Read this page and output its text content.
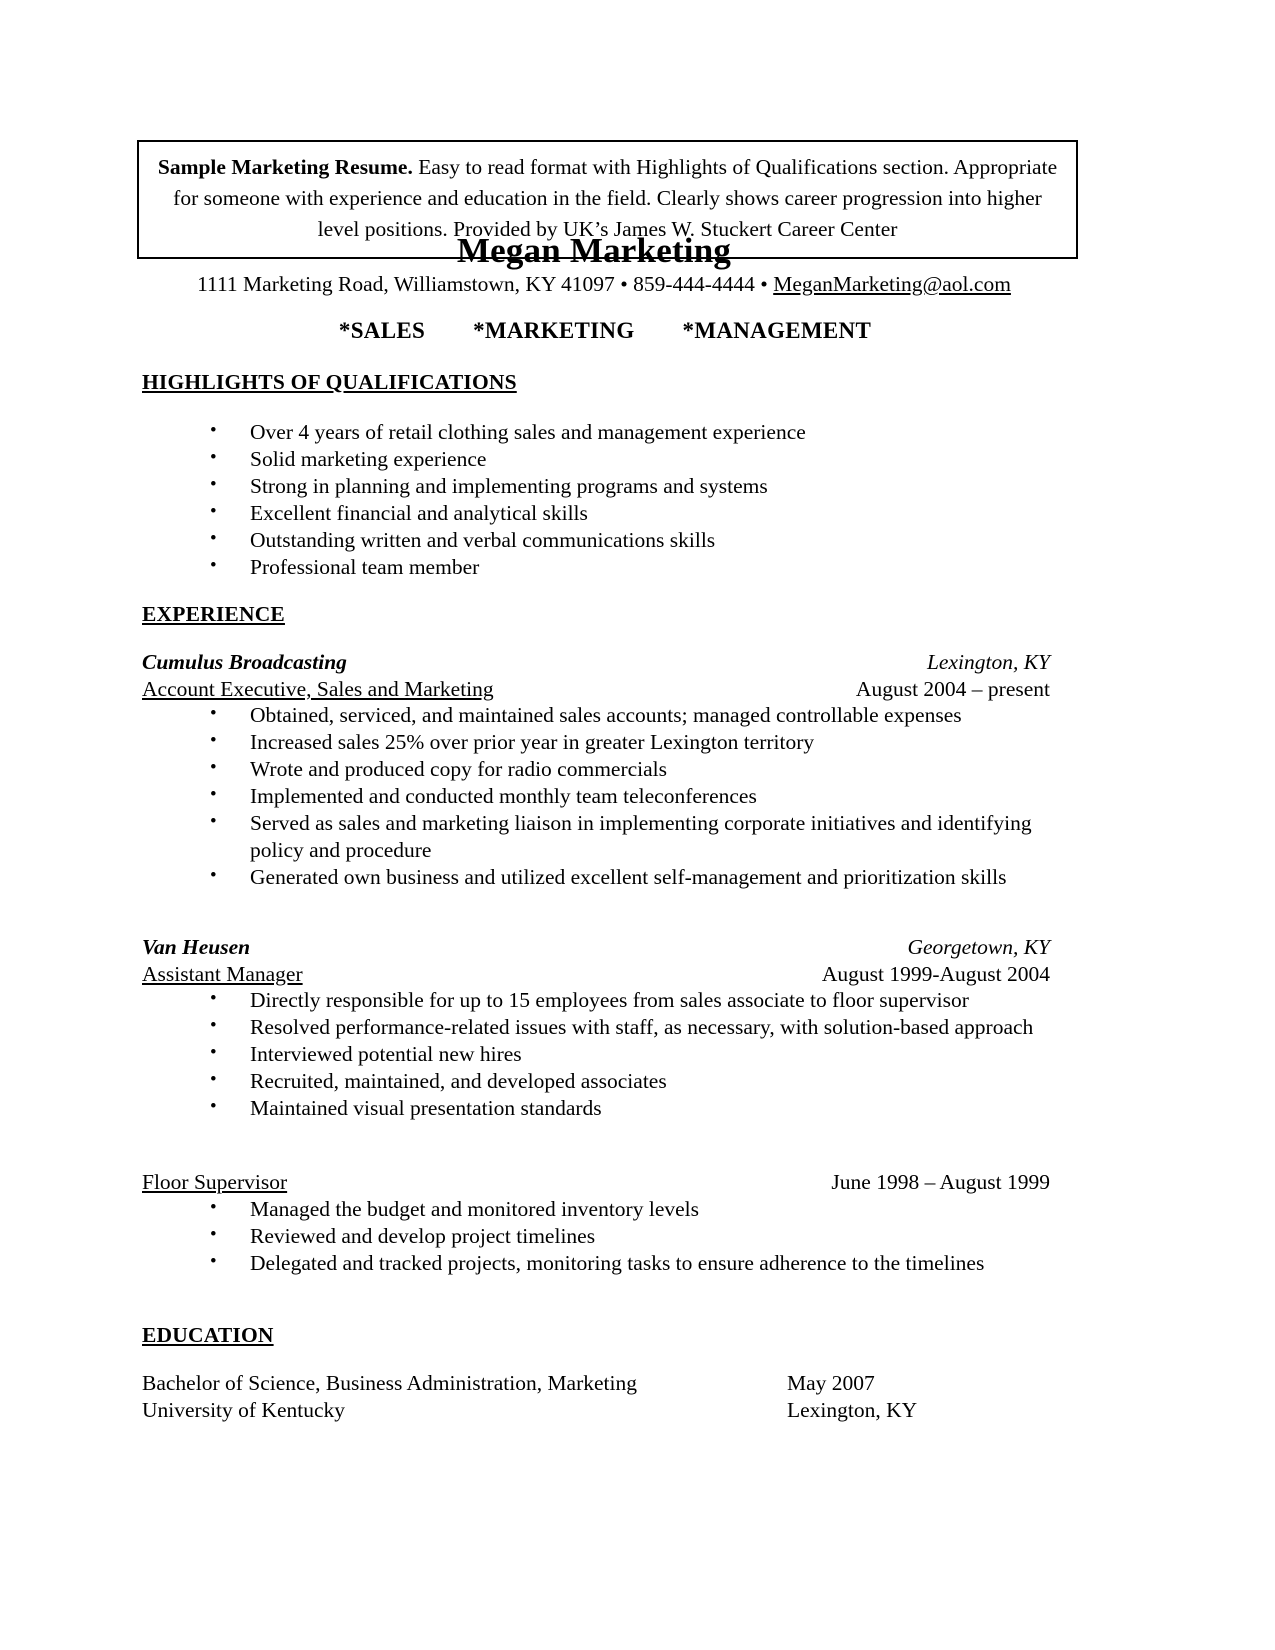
Sample Marketing Resume. Easy to read format with Highlights of Qualifications section. Appropriate for someone with experience and education in the field. Clearly shows career progression into higher level positions. Provided by UK’s James W. Stuckert Career Center
Megan Marketing
1111 Marketing Road, Williamstown, KY 41097 • 859-444-4444 • MeganMarketing@aol.com
*SALES *MARKETING *MANAGEMENT
HIGHLIGHTS OF QUALIFICATIONS
• Over 4 years of retail clothing sales and management experience
• Solid marketing experience
• Strong in planning and implementing programs and systems
• Excellent financial and analytical skills
• Outstanding written and verbal communications skills
• Professional team member
EXPERIENCE
Cumulus Broadcasting	Lexington, KY
Account Executive, Sales and Marketing	August 2004 – present
• Obtained, serviced, and maintained sales accounts; managed controllable expenses
• Increased sales 25% over prior year in greater Lexington territory
• Wrote and produced copy for radio commercials
• Implemented and conducted monthly team teleconferences
• Served as sales and marketing liaison in implementing corporate initiatives and identifying policy and procedure
• Generated own business and utilized excellent self-management and prioritization skills
Van Heusen	Georgetown, KY
Assistant Manager	August 1999-August 2004
• Directly responsible for up to 15 employees from sales associate to floor supervisor
• Resolved performance-related issues with staff, as necessary, with solution-based approach
• Interviewed potential new hires
• Recruited, maintained, and developed associates
• Maintained visual presentation standards
Floor Supervisor	June 1998 – August 1999
• Managed the budget and monitored inventory levels
• Reviewed and develop project timelines
• Delegated and tracked projects, monitoring tasks to ensure adherence to the timelines
EDUCATION
Bachelor of Science, Business Administration, Marketing	May 2007
University of Kentucky	Lexington, KY
